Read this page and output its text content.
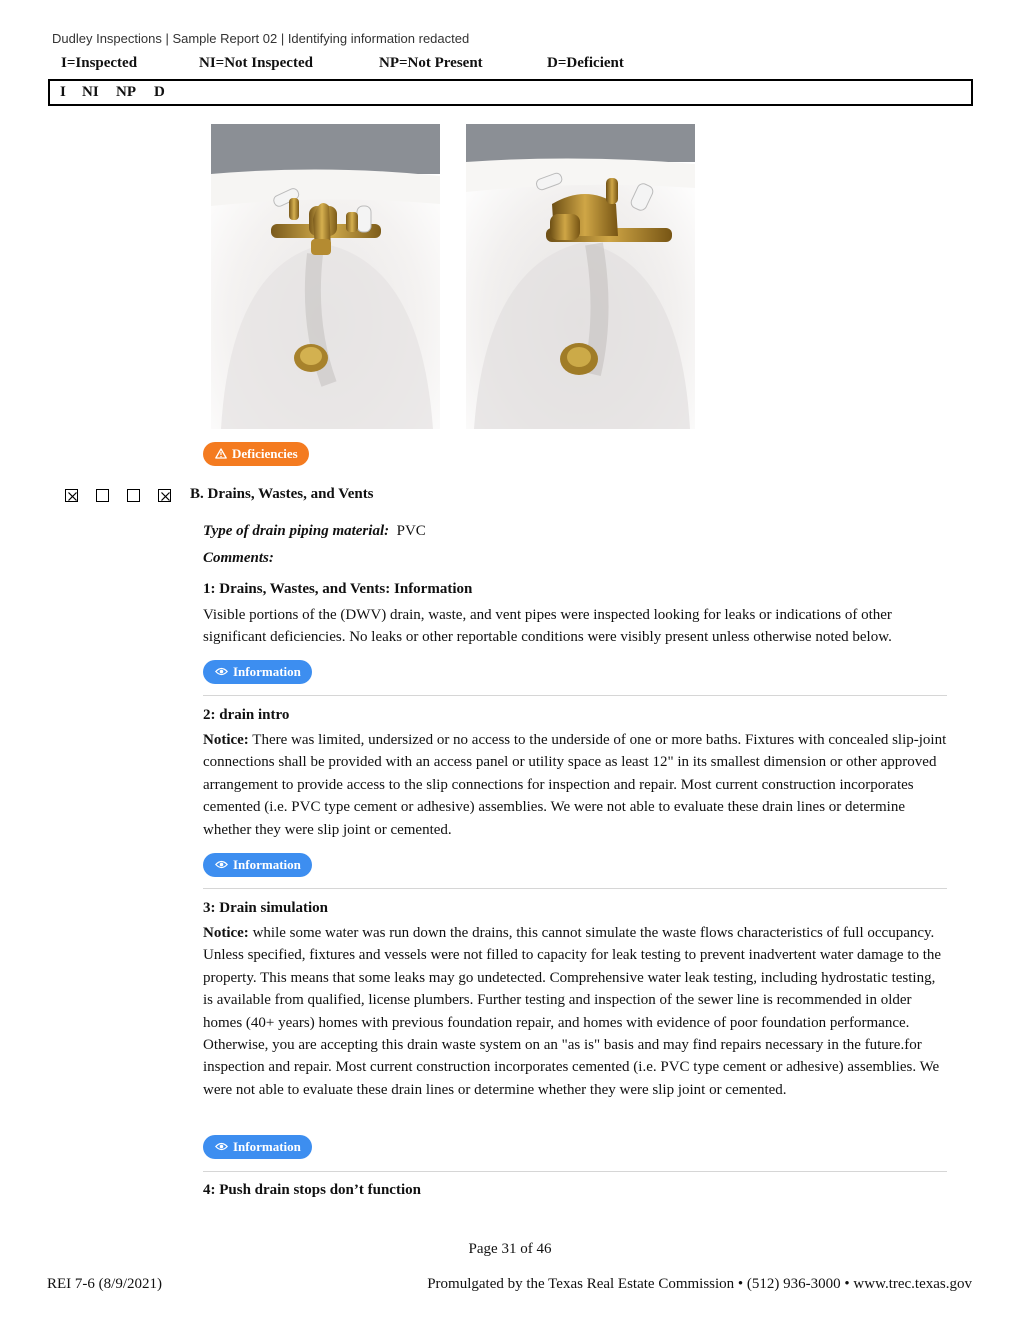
Dudley Inspections | Sample Report 02 | Identifying information redacted
I=Inspected	NI=Not Inspected	NP=Not Present	D=Deficient
I NI NP D
Deficiencies
B. Drains, Wastes, and Vents
Type of drain piping material: PVC
Comments:
1: Drains, Wastes, and Vents: Information
Visible portions of the (DWV) drain, waste, and vent pipes were inspected looking for leaks or indications of other significant deficiencies. No leaks or other reportable conditions were visibly present unless otherwise noted below.
Information
2: drain intro
Notice: There was limited, undersized or no access to the underside of one or more baths. Fixtures with concealed slip-joint connections shall be provided with an access panel or utility space as least 12" in its smallest dimension or other approved arrangement to provide access to the slip connections for inspection and repair. Most current construction incorporates cemented (i.e. PVC type cement or adhesive) assemblies. We were not able to evaluate these drain lines or determine whether they were slip joint or cemented.
Information
3: Drain simulation
Notice: while some water was run down the drains, this cannot simulate the waste flows characteristics of full occupancy. Unless specified, fixtures and vessels were not filled to capacity for leak testing to prevent inadvertent water damage to the property. This means that some leaks may go undetected. Comprehensive water leak testing, including hydrostatic testing, is available from qualified, license plumbers. Further testing and inspection of the sewer line is recommended in older homes (40+ years) homes with previous foundation repair, and homes with evidence of poor foundation performance. Otherwise, you are accepting this drain waste system on an "as is" basis and may find repairs necessary in the future.for inspection and repair. Most current construction incorporates cemented (i.e. PVC type cement or adhesive) assemblies. We were not able to evaluate these drain lines or determine whether they were slip joint or cemented.
Information
4: Push drain stops don’t function
Page 31 of 46
REI 7-6 (8/9/2021)	Promulgated by the Texas Real Estate Commission • (512) 936-3000 • www.trec.texas.gov
